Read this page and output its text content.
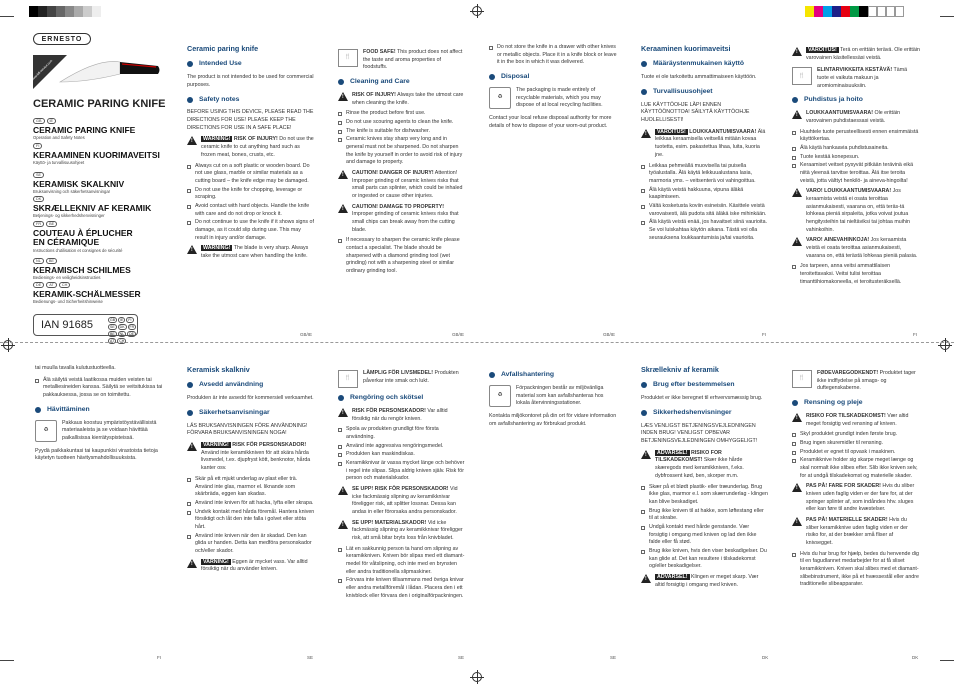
ERNESTO
www.lidl-service.com
CERAMIC PARING KNIFE
GB	IE
CERAMIC PARING KNIFE
Operation and Safety Notes
FI
KERAAMINEN KUORIMAVEITSI
Käyttö- ja turvallisuusohjeet
SE
KERAMISK SKALKNIV
Bruksanvisning och säkerhetsanvisningar
DK
SKRÆLLEKNIV AF KERAMIK
Betjenings- og sikkerhedshenvisninger
FR	BE
COUTEAU À ÉPLUCHER EN CÉRAMIQUE
Instructions d'utilisation et consignes de sécurité
NL	BE
KERAMISCH SCHILMES
Bedienings- en veiligheidsinstructies
DE	AT	CH
KERAMIK-SCHÄLMESSER
Bedienungs- und Sicherheitshinweise
IAN 91685	GB	IE	FI
SE	DK	FR
BE	NL	DE
AT	CH
Ceramic paring knife
Intended Use

The product is not intended to be used for commercial purposes.

Safety notes

BEFORE USING THIS DEVICE, PLEASE READ THE DIRECTIONS FOR USE! PLEASE KEEP THE DIRECTIONS FOR USE IN A SAFE PLACE!

!
WARNING! RISK OF INJURY! Do not use the ceramic knife to cut anything hard such as frozen meat, bones, crusts, etc.
Always cut on a soft plastic or wooden board. Do not use glass, marble or similar materials as a cutting board – the knife edge may be damaged.
Do not use the knife for chopping, leverage or scraping.
Avoid contact with hard objects. Handle the knife with care and do not drop or knock it.
Do not continue to use the knife if it shows signs of damage, as it could slip during use. This may result in injury and/or damage.
!
WARNING! The blade is very sharp. Always take the utmost care when handling the knife.
🍴
FOOD SAFE! This product does not affect the taste and aroma properties of foodstuffs.
Cleaning and Care
!
RISK OF INJURY! Always take the utmost care when cleaning the knife.
Rinse the product before first use.
Do not use scouring agents to clean the knife.
The knife is suitable for dishwasher.
Ceramic knives stay sharp very long and in general must not be sharpened. Do not sharpen the knife by yourself in order to avoid risk of injury and damage to property.
!
CAUTION! DANGER OF INJURY! Attention! Improper grinding of ceramic knives risks that small parts can splinter, which could be inhaled or ingested or cause other injuries.
!
CAUTION! DAMAGE TO PROPERTY! Improper grinding of ceramic knives risks that small chips can break away from the cutting blade.
If necessary to sharpen the ceramic knife please contact a specialist. The blade should be sharpened with a diamond grinding tool (wet grinding) not with a sharpening steel or similar ordinary grinding tool.
Do not store the knife in a drawer with other knives or metallic objects. Place it in a knife block or leave it in the box in which it was delivered.
Disposal
♻
The packaging is made entirely of recyclable materials, which you may dispose of at local recycling facilities.

Contact your local refuse disposal authority for more details of how to dispose of your worn-out product.

Keraaminen kuorimaveitsi
Määräystenmukainen käyttö

Tuote ei ole tarkoitettu ammattimaiseen käyttöön.

Turvallisuusohjeet

LUE KÄYTTÖOHJE LÄPI ENNEN KÄYTTÖÖNOTTOA! SÄILYTÄ KÄYTTÖOHJE HUOLELLISESTI!

!
VAROITUS! LOUKKAANTUMISVAARA! Älä leikkaa keraamisella veitsellä mitään kovaa tuotetta, esim. pakastettua lihaa, luita, kuoria jne.
Leikkaa pehmeällä muovisella tai puisella työalustalla. Älä käytä leikkuualustana lasia, marmoria yms. – veitsenterä voi vahingoittua.
Älä käytä veistä hakkuuna, vipuna äläkä kaapimiseen.
Vältä kosketusta koviin esineisiin. Käsittele veistä varovaisesti, älä pudota sitä äläkä iske mihinkään.
Älä käytä veistä enää, jos havaitset siinä vaurioita. Se voi luiskahtaa käytön aikana. Tästä voi olla seurauksena loukkaantumisia ja/tai vaurioita.
!
VAROITUS! Terä on erittäin terävä. Ole erittäin varovainen käsitellessäsi veistä.
🍴
ELINTARVIKKEITA KESTÄVÄ! Tämä tuote ei vaikuta makuun ja aromiominaisuuksiin.
Puhdistus ja hoito
!
LOUKKAANTUMISVAARA! Ole erittäin varovainen puhdistaessasi veistä.
Huuhtele tuote perusteellisesti ennen ensimmäistä käyttökertaa.
Älä käytä hankaavia puhdistusaineita.
Tuote kestää konepesun.
Keraamiset veitset pysyvät pitkään terävinä eikä niitä yleensä tarvitse teroittaa. Älä itse teroita veistä, jotta välttyt henkilö- ja aineva-hingoilta!
!
VARO! LOUKKAANTUMISVAARA! Jos keraamista veistä ei osata teroittaa asianmukaisesti, vaarana on, että teräs-tä lohkeaa pieniä sirpaleita, jotka voivat joutua hengitysteihin tai nieltäviksi tai johtaa muihin vahinkoihin.
!
VARO! AINEVAHINKOJA! Jos keraamista veistä ei osata teroittaa asianmukaisesti, vaarana on, että terästä lohkeaa pieniä palasia.
Jos tarpeen, anna veitsi ammattilaisen teroitettavaksi. Veitsi tulisi teroittaa timanttihiomakoneella, ei teroitusteräksellä.
GB/IE	GB/IE	GB/IE	FI	FI

tai muulla tavalla kulutustuotteella.

Älä säilytä veistä laatikossa muiden veisten tai metalliesineiden kanssa. Säilytä se veitsitukissa tai pakkauksessa, jossa se on toimitettu.
Hävittäminen
♻
Pakkaus koostuu ympäristöystävällisistä materiaaleista ja se voidaan hävittää paikallisissa kierrätyspisteissä.

Pyydä paikkakuntasi tai kaupunkisi virastoista tietoja käytetyn tuotteen hävitysmahdollisuuksista.

Keramisk skalkniv
Avsedd användning

Produkten är inte avsedd för kommersiell verksamhet.

Säkerhetsanvisningar

LÄS BRUKSANVISNINGEN FÖRE ANVÄNDNING! FÖRVARA BRUKSANVISNINGEN NOGA!

!
VARNING! RISK FÖR PERSONSKADOR! Använd inte keramikkniven för att skära hårda livsmedel, t.ex. djupfryst kött, benknotor, hårda kanter osv.
Skär på ett mjukt underlag av plast eller trä. Använd inte glas, marmor el. liknande som skärbräda, eggen kan skadas.
Använd inte kniven för att hacka, lyfta eller skrapa.
Undvik kontakt med hårda föremål. Hantera kniven försiktigt och låt den inte falla i golvet eller stöta hårt.
Använd inte kniven när den är skadad. Den kan glida ur handen. Detta kan medföra personskador och/eller skador.
!
VARNING! Eggen är mycket vass. Var alltid försiktig när du använder kniven.
🍴
LÄMPLIG FÖR LIVSMEDEL! Produkten påverkar inte smak och lukt.
Rengöring och skötsel
!
RISK FÖR PERSONSKADOR! Var alltid försiktig när du rengör kniven.
Spola av produkten grundligt före första användning.
Använd inte aggressiva rengöringsmedel.
Produkten kan maskindiskas.
Keramikknivar är vassa mycket länge och behöver i regel inte slipas. Slipa aldrig kniven själv. Risk för person och materialskador.
!
SE UPP! RISK FÖR PERSONSKADOR! Vid icke fackmässig slipning av keramikknivar föreligger risk, att splitter lossnar. Dessa kan andas in eller förorsaka andra personskador.
!
SE UPP! MATERIALSKADOR! Vid icke fackmässig slipning av keramikknivar föreligger risk, att små bitar bryts loss från knivbladet.
Lät en sakkunnig person ta hand om slipning av keramikkniven. Kniven bör slipas med ett diamant-medel för våtslipning, och inte med en brynsten eller andra traditionella slipmaskiner.
Förvara inte kniven tillsammans med övriga knivar eller andra metallföremål i lådan. Placera den i ett knivblock eller förvara den i originalförpackningen.
Avfallshantering
♻
Förpackningen består av miljövänliga material som kan avfallshanteras hos lokala återvinningsstationer.

Kontakta miljökontoret på din ort för vidare information om avfallshantering av förbrukad produkt.

Skrællekniv af keramik
Brug efter bestemmelsen

Produktet er ikke beregnet til erhvervsmæssig brug.

Sikkerhedshenvisninger

LÆS VENLIGST BETJENINGSVEJLEDNINGEN INDEN BRUG! VENLIGST OPBEVAR BETJENINGSVEJLEDNINGEN OMHYGGELIGT!

!
ADVARSEL! RISIKO FOR TILSKADEKOMST! Skær ikke hårde skæregods med keramikkniven, f.eks. dybfrossent kød, ben, skorper m.m.
Skær på et blødt plastik- eller træunderlag. Brug ikke glas, marmor e.l. som skærrunderlag - klingen kan blive beskadiget.
Brug ikke kniven til at hakke, som løftestang eller til at skrabe.
Undgå kontakt med hårde genstande. Vær forsigtig i omgang med kniven og lad den ikke falde eller få stød.
Brug ikke kniven, hvis den viser beskadigelser. Du kan glide af. Det kan resultere i tilskadekomst og/eller beskadigelser.
!
ADVARSEL! Klingen er meget skarp. Vær altid forsigtig i omgang med kniven.
🍴
FØDEVAREGODKENDT! Produktet tager ikke indflydelse på smags- og duftegenskaberne.
Rensning og pleje
!
RISIKO FOR TILSKADEKOMST! Vær altid meget forsigtig ved rensning af kniven.
Skyl produktet grundigt inden første brug.
Brug ingen skuremidler til rensning.
Produktet er egnet til opvask i maskinen.
Keramikknive holder sig skarpe meget længe og skal normalt ikke slibes efter. Slib ikke kniven selv, for at undgå tilskadekomst og materielle skader.
!
PAS PÅ! FARE FOR SKADER! Hvis du sliber kniven uden faglig viden er der fare for, at der springer splinter af, som indåndes hhv. sluges eller kan føre til andre kvæstelser.
!
PAS PÅ! MATERIELLE SKADER! Hvis du sliber keramikknive uden faglig viden er der risiko for, at der brækker små fliser af knivsegget.
Hvis du har brug for hjælp, bedes du henvende dig til en fagudlannet medarbejder for at få sliset keramikkniven. Kniven skal slibes med et diamant-slibebinstrument, ikke på et hvæssestål eller andre traditionelle slibeapparater.
FI	SE	SE	SE	DK	DK
